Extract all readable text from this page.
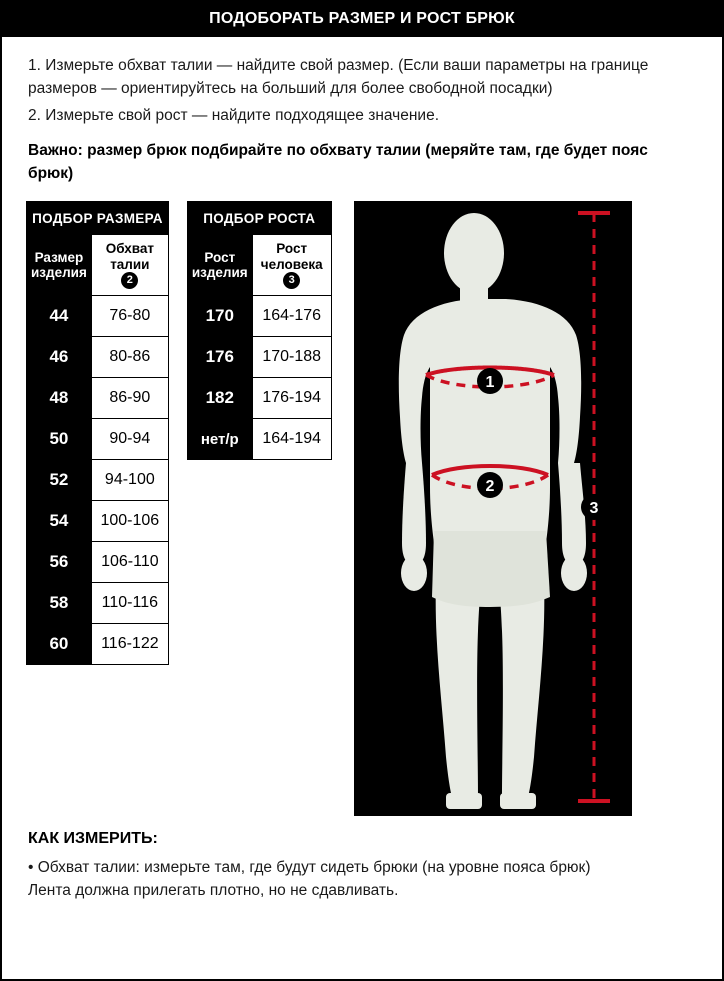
ПОДОБОРАТЬ РАЗМЕР И РОСТ БРЮК

1. Измерьте обхват талии — найдите свой размер. (Если ваши параметры на границе размеров — ориентируйтесь на больший для более свободной посадки)

2. Измерьте свой рост — найдите подходящее значение.

Важно: размер брюк подбирайте по обхвату талии (меряйте там, где будет пояс брюк)

ПОДБОР РАЗМЕРА	
Размер изделия	Обхват
талии
2
44	76-80
46	80-86
48	86-90
50	90-94
52	94-100
54	100-106
56	106-110
58	110-116
60	116-122
ПОДБОР РОСТА	
Рост
изделия	Рост
человека
3
170	164-176
176	170-188
182	176-194
нет/р	164-194
1
2
3
КАК ИЗМЕРИТЬ:
• Обхват талии: измерьте там, где будут сидеть брюки (на уровне пояса брюк)
Лента должна прилегать плотно, но не сдавливать.
